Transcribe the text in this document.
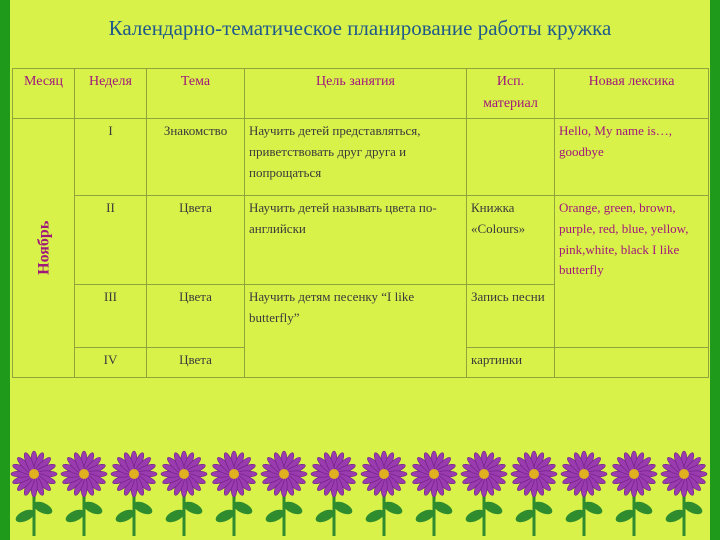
Календарно-тематическое планирование работы кружка
Месяц	Неделя	Тема	Цель занятия	Исп. материал	Новая лексика
Ноябрь	I	Знакомство	Научить детей представляться, приветствовать друг друга и попрощаться		Hello, My name is…, goodbye
	II	Цвета	Научить детей называть цвета по-английски	Книжка «Colours»	Orange, green, brown, purple, red, blue, yellow, pink,white, black I like butterfly
	III	Цвета	Научить детям песенку “I like butterfly”	Запись песни	
	IV	Цвета		картинки	
